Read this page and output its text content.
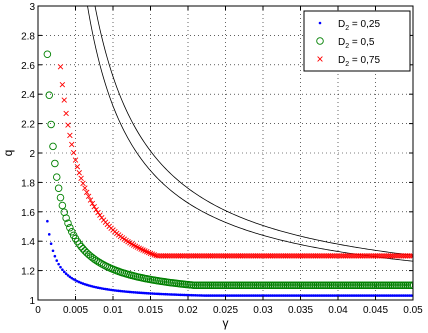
0 0.005 0.01 0.015 0.02 0.025 0.03 0.035 0.04 0.045 0.05
1
1.2
1.4
1.6
1.8
2
2.2
2.4
2.6
2.8
3
γ
q
$D_2 = 0,25$
$D_2 = 0,5$
$D_2 = 0,75$
